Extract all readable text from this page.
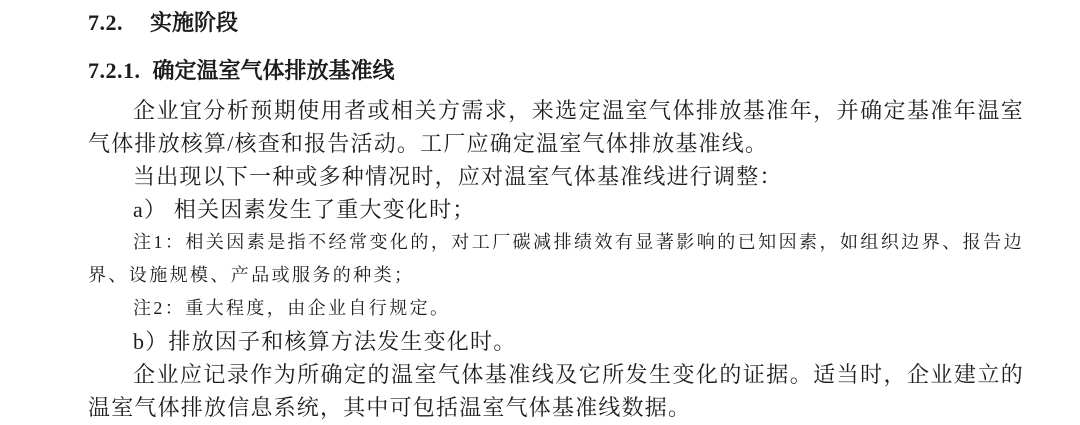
7.2. 实施阶段
7.2.1. 确定温室气体排放基准线
企业宜分析预期使用者或相关方需求，来选定温室气体排放基准年，并确定基准年温室
气体排放核算/核查和报告活动。工厂应确定温室气体排放基准线。
当出现以下一种或多种情况时，应对温室气体基准线进行调整：
a） 相关因素发生了重大变化时；
注1：相关因素是指不经常变化的，对工厂碳减排绩效有显著影响的已知因素，如组织边界、报告边
界、设施规模、产品或服务的种类；
注2：重大程度，由企业自行规定。
b）排放因子和核算方法发生变化时。
企业应记录作为所确定的温室气体基准线及它所发生变化的证据。适当时，企业建立的
温室气体排放信息系统，其中可包括温室气体基准线数据。
